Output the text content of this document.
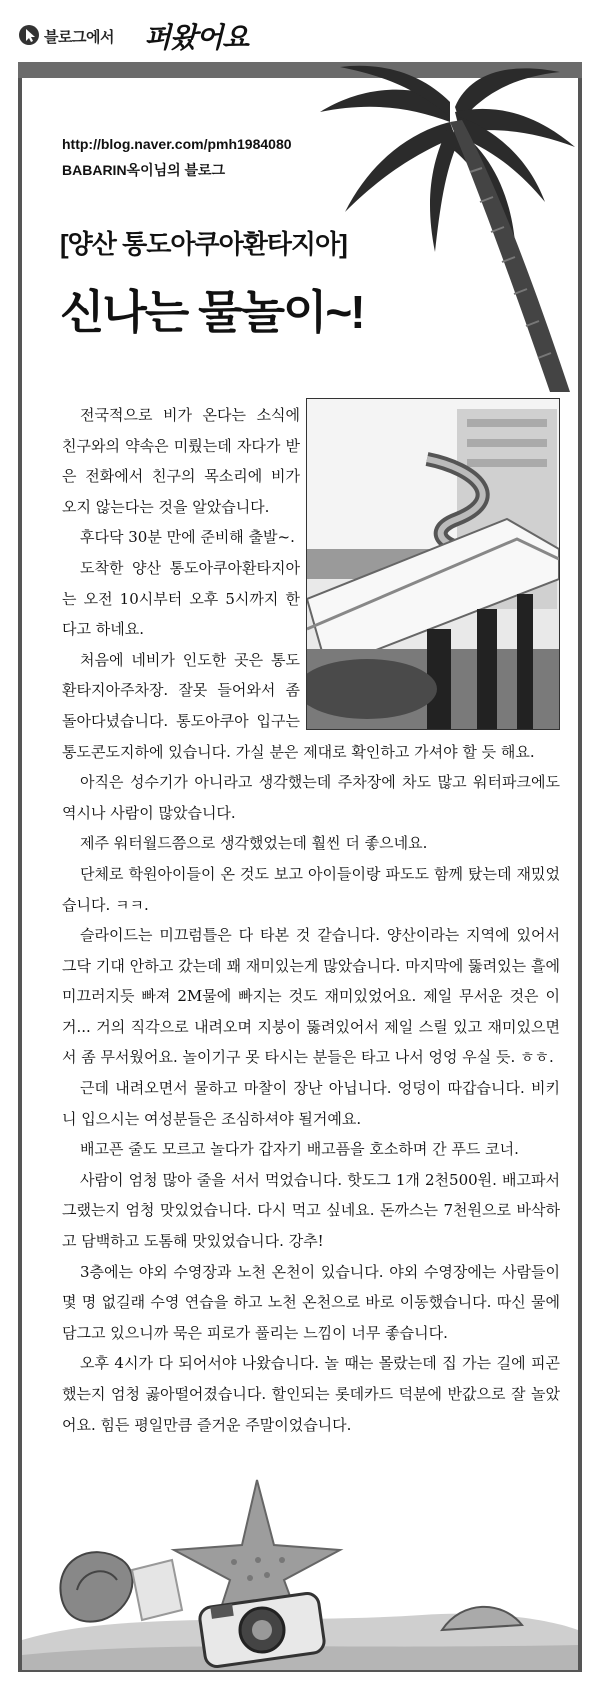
블로그에서 퍼왔어요
http://blog.naver.com/pmh1984080
BABARIN옥이님의 블로그
[양산 통도아쿠아환타지아]
신나는 물놀이~!

전국적으로 비가 온다는 소식에 친구와의 약속은 미뤘는데 자다가 받은 전화에서 친구의 목소리에 비가 오지 않는다는 것을 알았습니다.

후다닥 30분 만에 준비해 출발~.

도착한 양산 통도아쿠아환타지아는 오전 10시부터 오후 5시까지 한다고 하네요.

처음에 네비가 인도한 곳은 통도환타지아주차장. 잘못 들어와서 좀 돌아다녔습니다. 통도아쿠아 입구는 통도콘도지하에 있습니다. 가실 분은 제대로 확인하고 가셔야 할 듯 해요.

아직은 성수기가 아니라고 생각했는데 주차장에 차도 많고 워터파크에도 역시나 사람이 많았습니다.

제주 워터월드쯤으로 생각했었는데 훨씬 더 좋으네요.

단체로 학원아이들이 온 것도 보고 아이들이랑 파도도 함께 탔는데 재밌었습니다. ㅋㅋ.

슬라이드는 미끄럼틀은 다 타본 것 같습니다. 양산이라는 지역에 있어서 그닥 기대 안하고 갔는데 꽤 재미있는게 많았습니다. 마지막에 뚫려있는 흘에 미끄러지듯 빠져 2M물에 빠지는 것도 재미있었어요. 제일 무서운 것은 이거... 거의 직각으로 내려오며 지붕이 뚫려있어서 제일 스릴 있고 재미있으면서 좀 무서웠어요. 놀이기구 못 타시는 분들은 타고 나서 엉엉 우실 듯. ㅎㅎ.

근데 내려오면서 물하고 마찰이 장난 아닙니다. 엉덩이 따갑습니다. 비키니 입으시는 여성분들은 조심하셔야 될거예요.

배고픈 줄도 모르고 놀다가 갑자기 배고픔을 호소하며 간 푸드 코너.

사람이 엄청 많아 줄을 서서 먹었습니다. 핫도그 1개 2천500원. 배고파서 그랬는지 엄청 맛있었습니다. 다시 먹고 싶네요. 돈까스는 7천원으로 바삭하고 담백하고 도톰해 맛있었습니다. 강추!

3층에는 야외 수영장과 노천 온천이 있습니다. 야외 수영장에는 사람들이 몇 명 없길래 수영 연습을 하고 노천 온천으로 바로 이동했습니다. 따신 물에 담그고 있으니까 묵은 피로가 풀리는 느낌이 너무 좋습니다.

오후 4시가 다 되어서야 나왔습니다. 놀 때는 몰랐는데 집 가는 길에 피곤했는지 엄청 곯아떨어졌습니다. 할인되는 롯데카드 덕분에 반값으로 잘 놀았어요. 힘든 평일만큼 즐거운 주말이었습니다.
